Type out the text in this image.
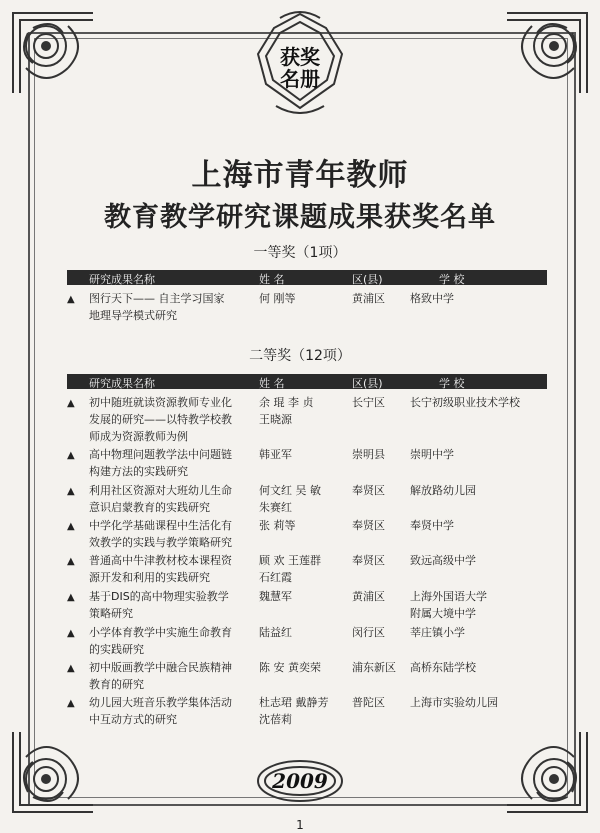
获奖
名册
上海市青年教师
教育教学研究课题成果获奖名单
一等奖（1项）
研究成果名称	姓 名	区(县)	学 校
▲ 图行天下—— 自主学习国家
地理导学模式研究
何 刚等	黄浦区 格致中学
二等奖（12项）
研究成果名称	姓 名	区(县)	学 校
▲ 初中随班就读资源教师专业化
发展的研究——以特教学校教
师成为资源教师为例
余 琨 李 贞
王晓源
长宁区 长宁初级职业技术学校
▲ 高中物理问题教学法中问题链
构建方法的实践研究
韩亚军	崇明县 崇明中学
▲ 利用社区资源对大班幼儿生命
意识启蒙教育的实践研究
何文红 吴 敏
朱赛红
奉贤区 解放路幼儿园
▲ 中学化学基础课程中生活化有
效教学的实践与教学策略研究
张 莉等	奉贤区 奉贤中学
▲ 普通高中牛津教材校本课程资
源开发和利用的实践研究
顾 欢 王莲群
石红霞
奉贤区 致远高级中学
▲ 基于DIS的高中物理实验教学
策略研究
魏慧军	黄浦区 上海外国语大学
附属大境中学
▲ 小学体育教学中实施生命教育
的实践研究
陆益红	闵行区 莘庄镇小学
▲ 初中版画教学中融合民族精神
教育的研究
陈 安 黄奕荣	浦东新区 高桥东陆学校
▲ 幼儿园大班音乐教学集体活动
中互动方式的研究
杜志珺 戴静芳
沈蓓莉
普陀区 上海市实验幼儿园
2009
1
